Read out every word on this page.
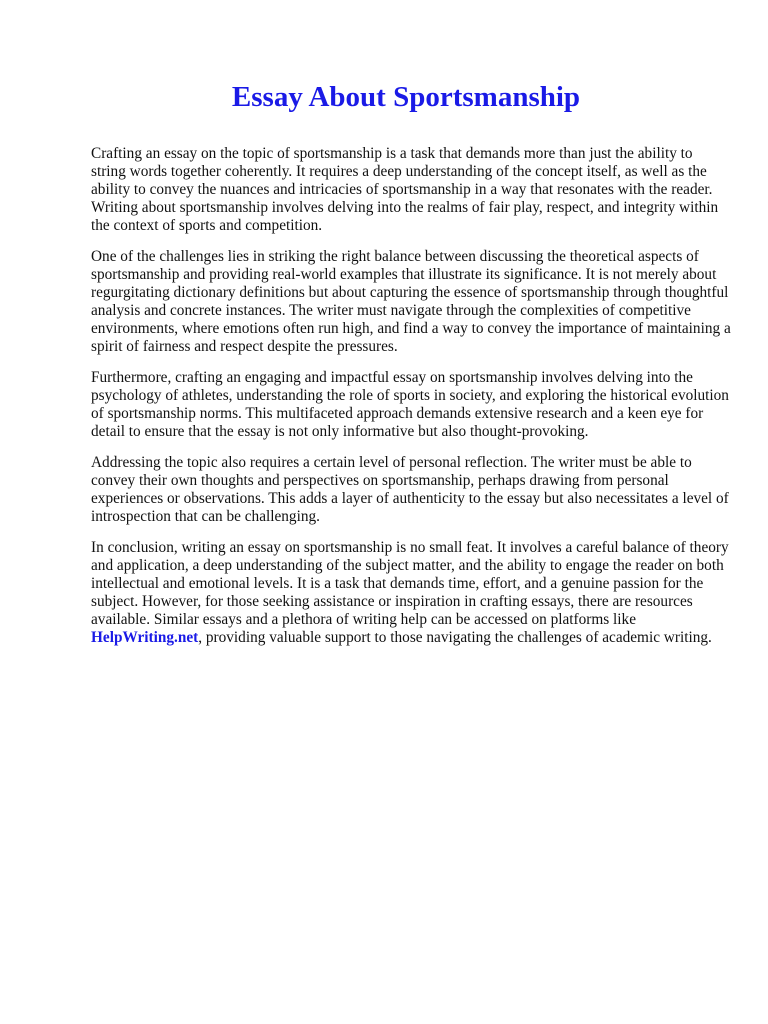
Essay About Sportsmanship

Crafting an essay on the topic of sportsmanship is a task that demands more than just the ability to string words together coherently. It requires a deep understanding of the concept itself, as well as the ability to convey the nuances and intricacies of sportsmanship in a way that resonates with the reader. Writing about sportsmanship involves delving into the realms of fair play, respect, and integrity within the context of sports and competition.

One of the challenges lies in striking the right balance between discussing the theoretical aspects of sportsmanship and providing real-world examples that illustrate its significance. It is not merely about regurgitating dictionary definitions but about capturing the essence of sportsmanship through thoughtful analysis and concrete instances. The writer must navigate through the complexities of competitive environments, where emotions often run high, and find a way to convey the importance of maintaining a spirit of fairness and respect despite the pressures.

Furthermore, crafting an engaging and impactful essay on sportsmanship involves delving into the psychology of athletes, understanding the role of sports in society, and exploring the historical evolution of sportsmanship norms. This multifaceted approach demands extensive research and a keen eye for detail to ensure that the essay is not only informative but also thought-provoking.

Addressing the topic also requires a certain level of personal reflection. The writer must be able to convey their own thoughts and perspectives on sportsmanship, perhaps drawing from personal experiences or observations. This adds a layer of authenticity to the essay but also necessitates a level of introspection that can be challenging.

In conclusion, writing an essay on sportsmanship is no small feat. It involves a careful balance of theory and application, a deep understanding of the subject matter, and the ability to engage the reader on both intellectual and emotional levels. It is a task that demands time, effort, and a genuine passion for the subject. However, for those seeking assistance or inspiration in crafting essays, there are resources available. Similar essays and a plethora of writing help can be accessed on platforms like HelpWriting.net, providing valuable support to those navigating the challenges of academic writing.
